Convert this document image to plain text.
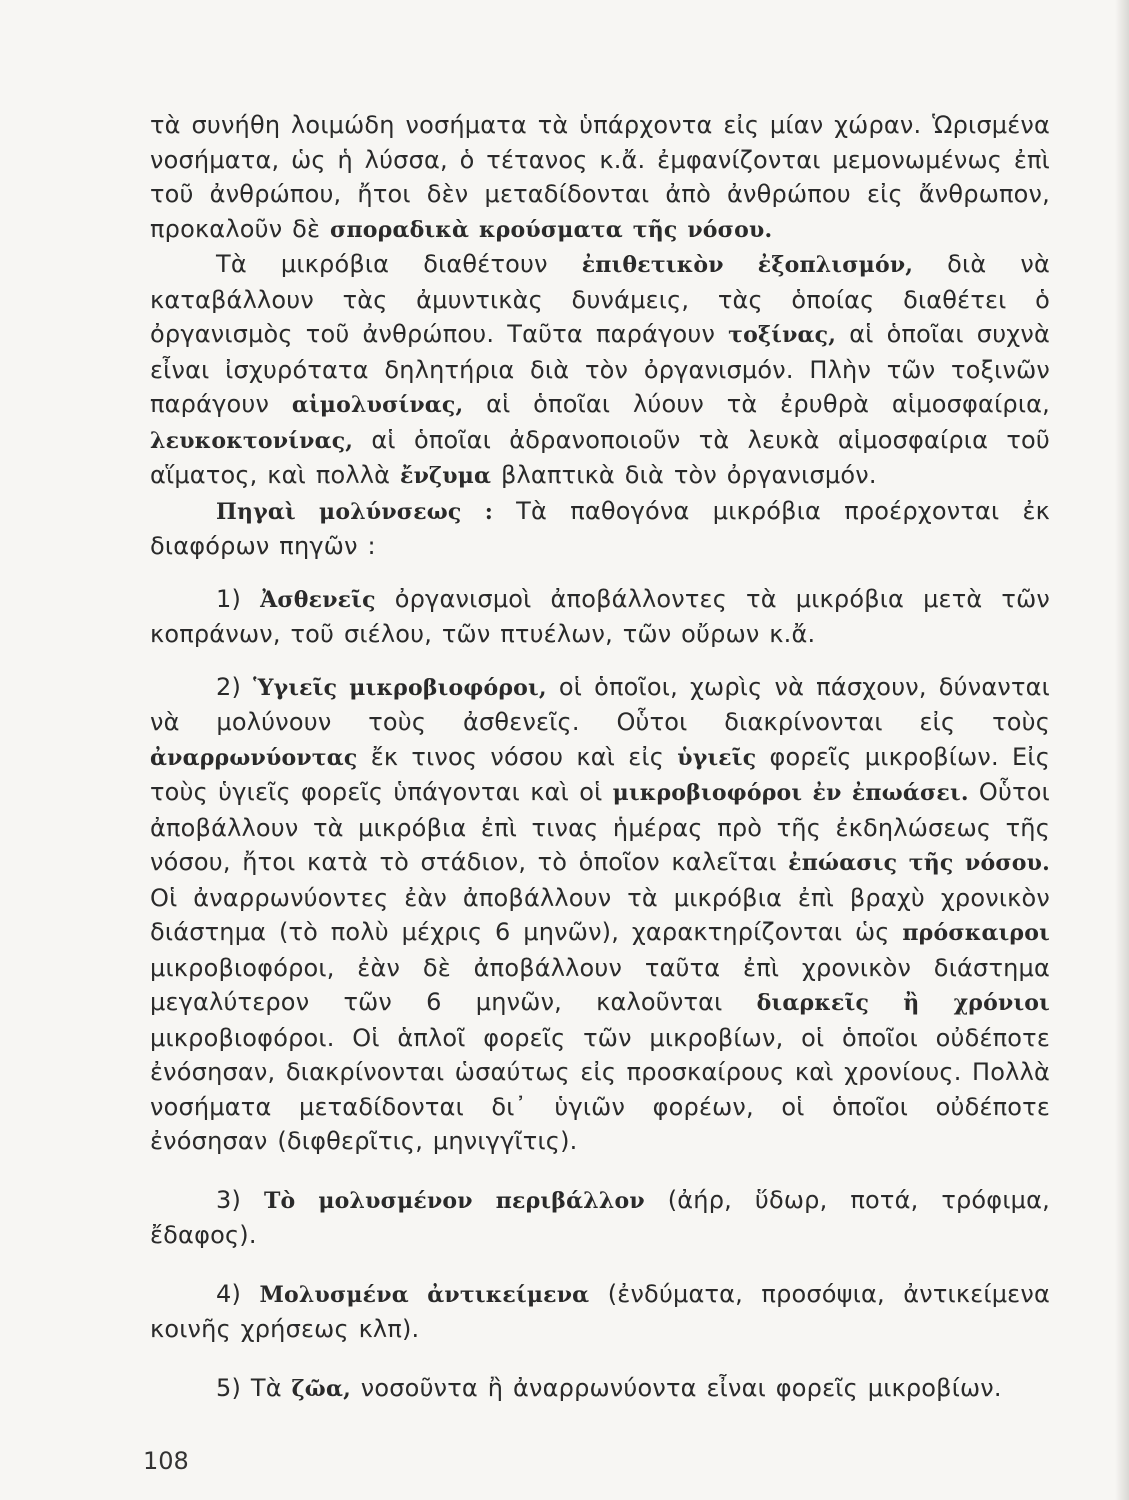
τὰ συνήθη λοιμώδη νοσήματα τὰ ὑπάρχοντα εἰς μίαν χώραν. Ὡρισμένα νοσήματα, ὡς ἡ λύσσα, ὁ τέτανος κ.ἄ. ἐμφανίζονται μεμονωμένως ἐπὶ τοῦ ἀνθρώπου, ἤτοι δὲν μεταδίδονται ἀπὸ ἀνθρώπου εἰς ἄνθρωπον, προκαλοῦν δὲ σποραδικὰ κρούσματα τῆς νόσου.

Τὰ μικρόβια διαθέτουν ἐπιθετικὸν ἐξοπλισμόν, διὰ νὰ καταβάλλουν τὰς ἀμυντικὰς δυνάμεις, τὰς ὁποίας διαθέτει ὁ ὀργανισμὸς τοῦ ἀνθρώπου. Ταῦτα παράγουν τοξίνας, αἱ ὁποῖαι συχνὰ εἶναι ἰσχυρότατα δηλητήρια διὰ τὸν ὀργανισμόν. Πλὴν τῶν τοξινῶν παράγουν αἱμολυσίνας, αἱ ὁποῖαι λύουν τὰ ἐρυθρὰ αἱμοσφαίρια, λευκοκτονίνας, αἱ ὁποῖαι ἀδρανοποιοῦν τὰ λευκὰ αἱμοσφαίρια τοῦ αἵματος, καὶ πολλὰ ἔνζυμα βλαπτικὰ διὰ τὸν ὀργανισμόν.

Πηγαὶ μολύνσεως : Τὰ παθογόνα μικρόβια προέρχονται ἐκ διαφόρων πηγῶν :

1) Ἀσθενεῖς ὀργανισμοὶ ἀποβάλλοντες τὰ μικρόβια μετὰ τῶν κοπράνων, τοῦ σιέλου, τῶν πτυέλων, τῶν οὔρων κ.ἄ.

2) Ὑγιεῖς μικροβιοφόροι, οἱ ὁποῖοι, χωρὶς νὰ πάσχουν, δύνανται νὰ μολύνουν τοὺς ἀσθενεῖς. Οὗτοι διακρίνονται εἰς τοὺς ἀναρρωνύοντας ἔκ τινος νόσου καὶ εἰς ὑγιεῖς φορεῖς μικροβίων. Εἰς τοὺς ὑγιεῖς φορεῖς ὑπάγονται καὶ οἱ μικροβιοφόροι ἐν ἐπωάσει. Οὗτοι ἀποβάλλουν τὰ μικρόβια ἐπὶ τινας ἡμέρας πρὸ τῆς ἐκδηλώσεως τῆς νόσου, ἤτοι κατὰ τὸ στάδιον, τὸ ὁποῖον καλεῖται ἐπώασις τῆς νόσου. Οἱ ἀναρρωνύοντες ἐὰν ἀποβάλλουν τὰ μικρόβια ἐπὶ βραχὺ χρονικὸν διάστημα (τὸ πολὺ μέχρις 6 μηνῶν), χαρακτηρίζονται ὡς πρόσκαιροι μικροβιοφόροι, ἐὰν δὲ ἀποβάλλουν ταῦτα ἐπὶ χρονικὸν διάστημα μεγαλύτερον τῶν 6 μηνῶν, καλοῦνται διαρκεῖς ἢ χρόνιοι μικροβιοφόροι. Οἱ ἁπλοῖ φορεῖς τῶν μικροβίων, οἱ ὁποῖοι οὐδέποτε ἐνόσησαν, διακρίνονται ὡσαύτως εἰς προσκαίρους καὶ χρονίους. Πολλὰ νοσήματα μεταδίδονται δι᾽ ὑγιῶν φορέων, οἱ ὁποῖοι οὐδέποτε ἐνόσησαν (διφθερῖτις, μηνιγγῖτις).

3) Τὸ μολυσμένον περιβάλλον (ἀήρ, ὕδωρ, ποτά, τρόφιμα, ἔδαφος).

4) Μολυσμένα ἀντικείμενα (ἐνδύματα, προσόψια, ἀντικείμενα κοινῆς χρήσεως κλπ).

5) Τὰ ζῶα, νοσοῦντα ἢ ἀναρρωνύοντα εἶναι φορεῖς μικροβίων.

108
